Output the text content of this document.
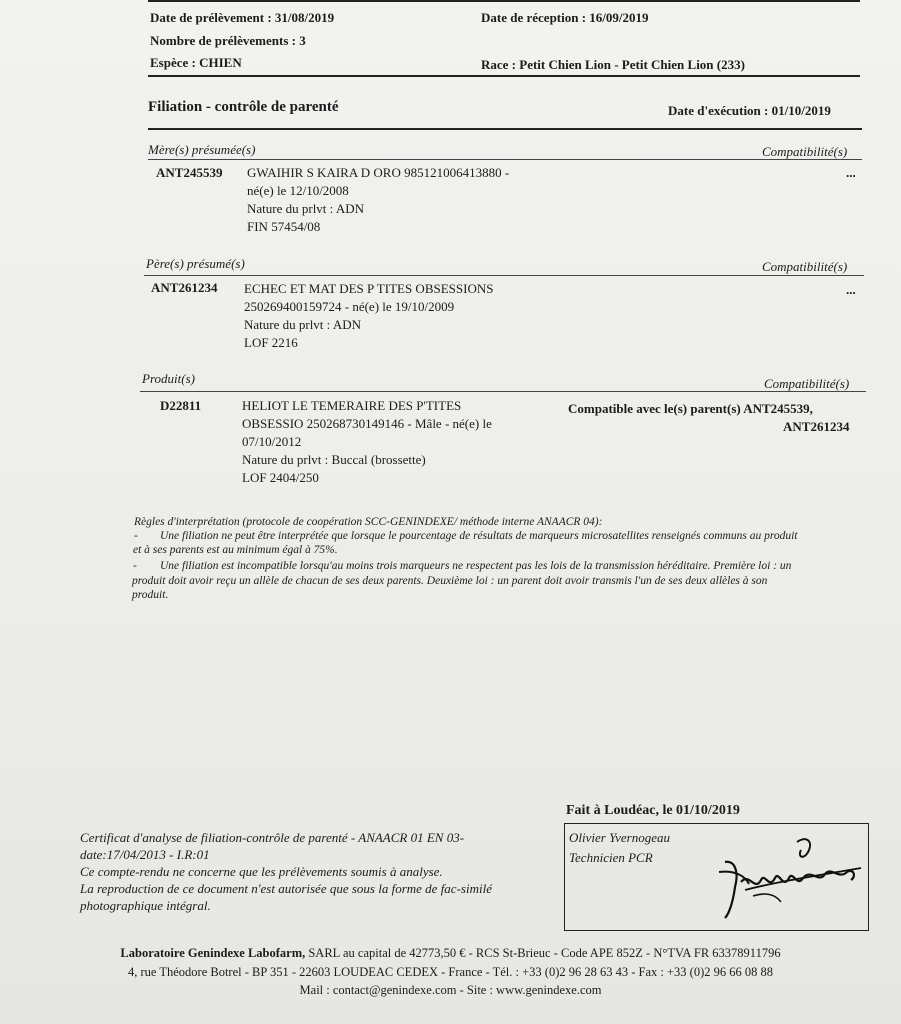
Date de prélèvement : 31/08/2019	Date de réception : 16/09/2019
Nombre de prélèvements : 3
Espèce : CHIEN	Race : Petit Chien Lion - Petit Chien Lion (233)
Filiation - contrôle de parenté	Date d'exécution : 01/10/2019
Mère(s) présumée(s)	Compatibilité(s)
ANT245539 GWAIHIR S KAIRA D ORO 985121006413880 -
né(e) le 12/10/2008
Nature du prlvt : ADN
FIN 57454/08
...
Père(s) présumé(s)	Compatibilité(s)
ANT261234 ECHEC ET MAT DES P TITES OBSESSIONS
250269400159724 - né(e) le 19/10/2009
Nature du prlvt : ADN
LOF 2216
...
Produit(s)	Compatibilité(s)
D22811	HELIOT LE TEMERAIRE DES P'TITES
OBSESSIO 250268730149146 - Mâle - né(e) le
07/10/2012
Nature du prlvt : Buccal (brossette)
LOF 2404/250
Compatible avec le(s) parent(s) ANT245539,
ANT261234
Règles d'interprétation (protocole de coopération SCC-GENINDEXE/ méthode interne ANAACR 04):
- Une filiation ne peut être interprétée que lorsque le pourcentage de résultats de marqueurs microsatellites renseignés communs au produit
et à ses parents est au minimum égal à 75%.
- Une filiation est incompatible lorsqu'au moins trois marqueurs ne respectent pas les lois de la transmission héréditaire. Première loi : un
produit doit avoir reçu un allèle de chacun de ses deux parents. Deuxième loi : un parent doit avoir transmis l'un de ses deux allèles à son
produit.
Fait à Loudéac, le 01/10/2019
Olivier Yvernogeau
Technicien PCR
Certificat d'analyse de filiation-contrôle de parenté - ANAACR 01 EN 03-
date:17/04/2013 - I.R:01
Ce compte-rendu ne concerne que les prélèvements soumis à analyse.
La reproduction de ce document n'est autorisée que sous la forme de fac-similé
photographique intégral.
Laboratoire Genindexe Labofarm, SARL au capital de 42773,50 € - RCS St-Brieuc - Code APE 852Z - N°TVA FR 63378911796
4, rue Théodore Botrel - BP 351 - 22603 LOUDEAC CEDEX - France - Tél. : +33 (0)2 96 28 63 43 - Fax : +33 (0)2 96 66 08 88
Mail : contact@genindexe.com - Site : www.genindexe.com
